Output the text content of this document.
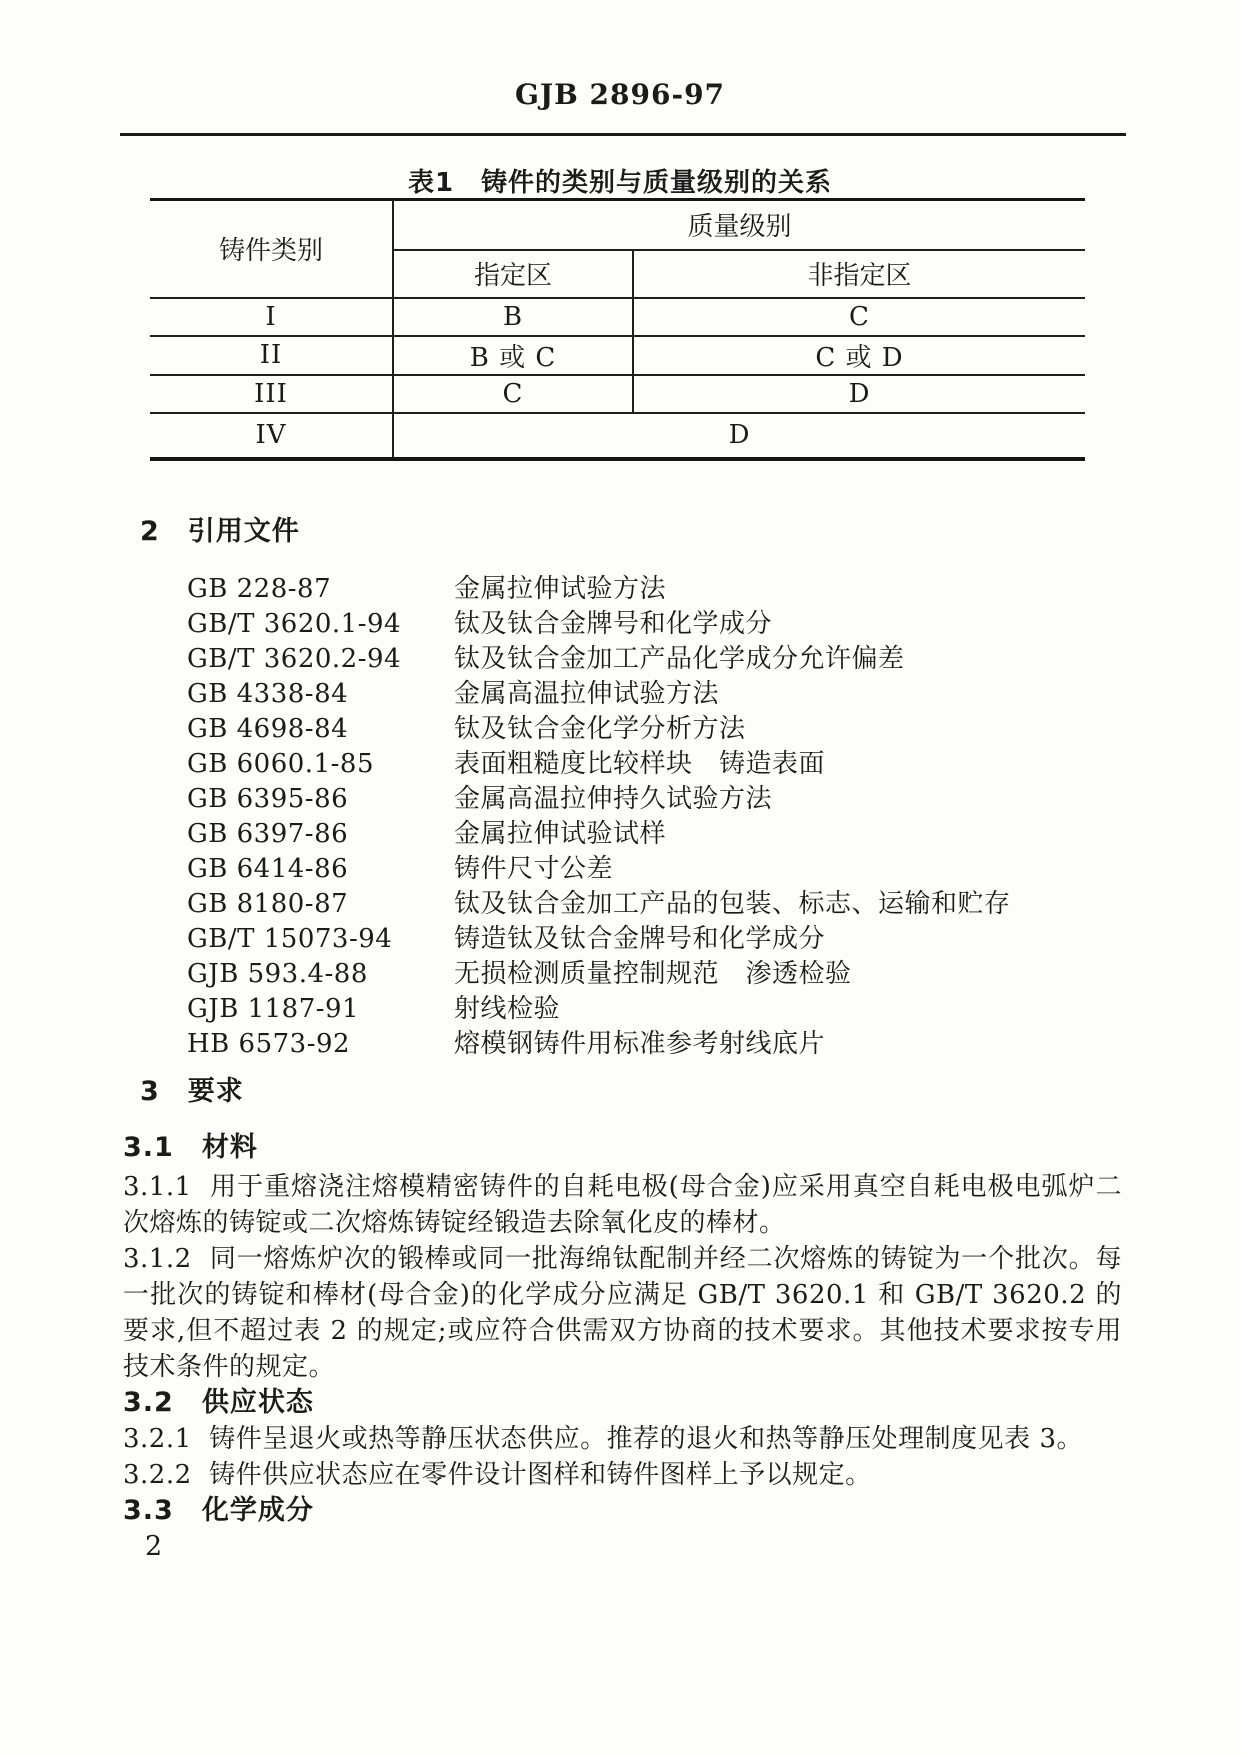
GJB 2896-97
表1　铸件的类别与质量级别的关系
铸件类别	质量级别	
	指定区	非指定区
I	B	C
II	B 或 C	C 或 D
III	C	D
IV	D	
2　引用文件
GB 228-87	金属拉伸试验方法
GB/T 3620.1-94	钛及钛合金牌号和化学成分
GB/T 3620.2-94	钛及钛合金加工产品化学成分允许偏差
GB 4338-84	金属高温拉伸试验方法
GB 4698-84	钛及钛合金化学分析方法
GB 6060.1-85	表面粗糙度比较样块　铸造表面
GB 6395-86	金属高温拉伸持久试验方法
GB 6397-86	金属拉伸试验试样
GB 6414-86	铸件尺寸公差
GB 8180-87	钛及钛合金加工产品的包装、标志、运输和贮存
GB/T 15073-94	铸造钛及钛合金牌号和化学成分
GJB 593.4-88	无损检测质量控制规范　渗透检验
GJB 1187-91	射线检验
HB 6573-92	熔模钢铸件用标准参考射线底片
3　要求
3.1　材料

3.1.1  用于重熔浇注熔模精密铸件的自耗电极(母合金)应采用真空自耗电极电弧炉二次熔炼的铸锭或二次熔炼铸锭经锻造去除氧化皮的棒材。

3.1.2  同一熔炼炉次的锻棒或同一批海绵钛配制并经二次熔炼的铸锭为一个批次。每一批次的铸锭和棒材(母合金)的化学成分应满足 GB/T 3620.1 和 GB/T 3620.2 的要求,但不超过表 2 的规定;或应符合供需双方协商的技术要求。其他技术要求按专用技术条件的规定。

3.2　供应状态

3.2.1  铸件呈退火或热等静压状态供应。推荐的退火和热等静压处理制度见表 3。

3.2.2  铸件供应状态应在零件设计图样和铸件图样上予以规定。

3.3　化学成分
2
